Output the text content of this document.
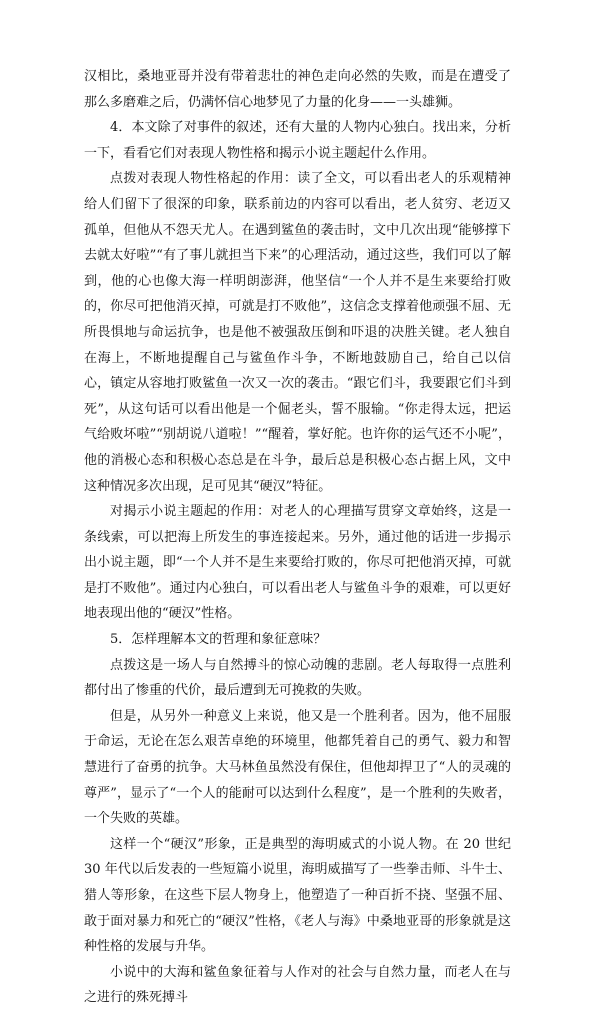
汉相比，桑地亚哥并没有带着悲壮的神色走向必然的失败，而是在遭受了那么多磨难之后，仍满怀信心地梦见了力量的化身——一头雄狮。

4．本文除了对事件的叙述，还有大量的人物内心独白。找出来，分析一下，看看它们对表现人物性格和揭示小说主题起什么作用。

点拨对表现人物性格起的作用：读了全文，可以看出老人的乐观精神给人们留下了很深的印象，联系前边的内容可以看出，老人贫穷、老迈又孤单，但他从不怨天尤人。在遇到鲨鱼的袭击时，文中几次出现“能够撑下去就太好啦”“有了事儿就担当下来”的心理活动，通过这些，我们可以了解到，他的心也像大海一样明朗澎湃，他坚信“一个人并不是生来要给打败的，你尽可把他消灭掉，可就是打不败他”，这信念支撑着他顽强不屈、无所畏惧地与命运抗争，也是他不被强敌压倒和吓退的决胜关键。老人独自在海上，不断地提醒自己与鲨鱼作斗争，不断地鼓励自己，给自己以信心，镇定从容地打败鲨鱼一次又一次的袭击。“跟它们斗，我要跟它们斗到死”，从这句话可以看出他是一个倔老头，誓不服输。“你走得太远，把运气给败坏啦”“别胡说八道啦！”“醒着，掌好舵。也许你的运气还不小呢”，他的消极心态和积极心态总是在斗争，最后总是积极心态占据上风，文中这种情况多次出现，足可见其“硬汉”特征。

对揭示小说主题起的作用：对老人的心理描写贯穿文章始终，这是一条线索，可以把海上所发生的事连接起来。另外，通过他的话进一步揭示出小说主题，即“一个人并不是生来要给打败的，你尽可把他消灭掉，可就是打不败他”。通过内心独白，可以看出老人与鲨鱼斗争的艰难，可以更好地表现出他的“硬汉”性格。

5．怎样理解本文的哲理和象征意味？

点拨这是一场人与自然搏斗的惊心动魄的悲剧。老人每取得一点胜利都付出了惨重的代价，最后遭到无可挽救的失败。

但是，从另外一种意义上来说，他又是一个胜利者。因为，他不屈服于命运，无论在怎么艰苦卓绝的环境里，他都凭着自己的勇气、毅力和智慧进行了奋勇的抗争。大马林鱼虽然没有保住，但他却捍卫了“人的灵魂的尊严”，显示了“一个人的能耐可以达到什么程度”，是一个胜利的失败者，一个失败的英雄。

这样一个“硬汉”形象，正是典型的海明威式的小说人物。在 20 世纪 30 年代以后发表的一些短篇小说里，海明威描写了一些拳击师、斗牛士、猎人等形象，在这些下层人物身上，他塑造了一种百折不挠、坚强不屈、敢于面对暴力和死亡的“硬汉”性格，《老人与海》中桑地亚哥的形象就是这种性格的发展与升华。

小说中的大海和鲨鱼象征着与人作对的社会与自然力量，而老人在与之进行的殊死搏斗
